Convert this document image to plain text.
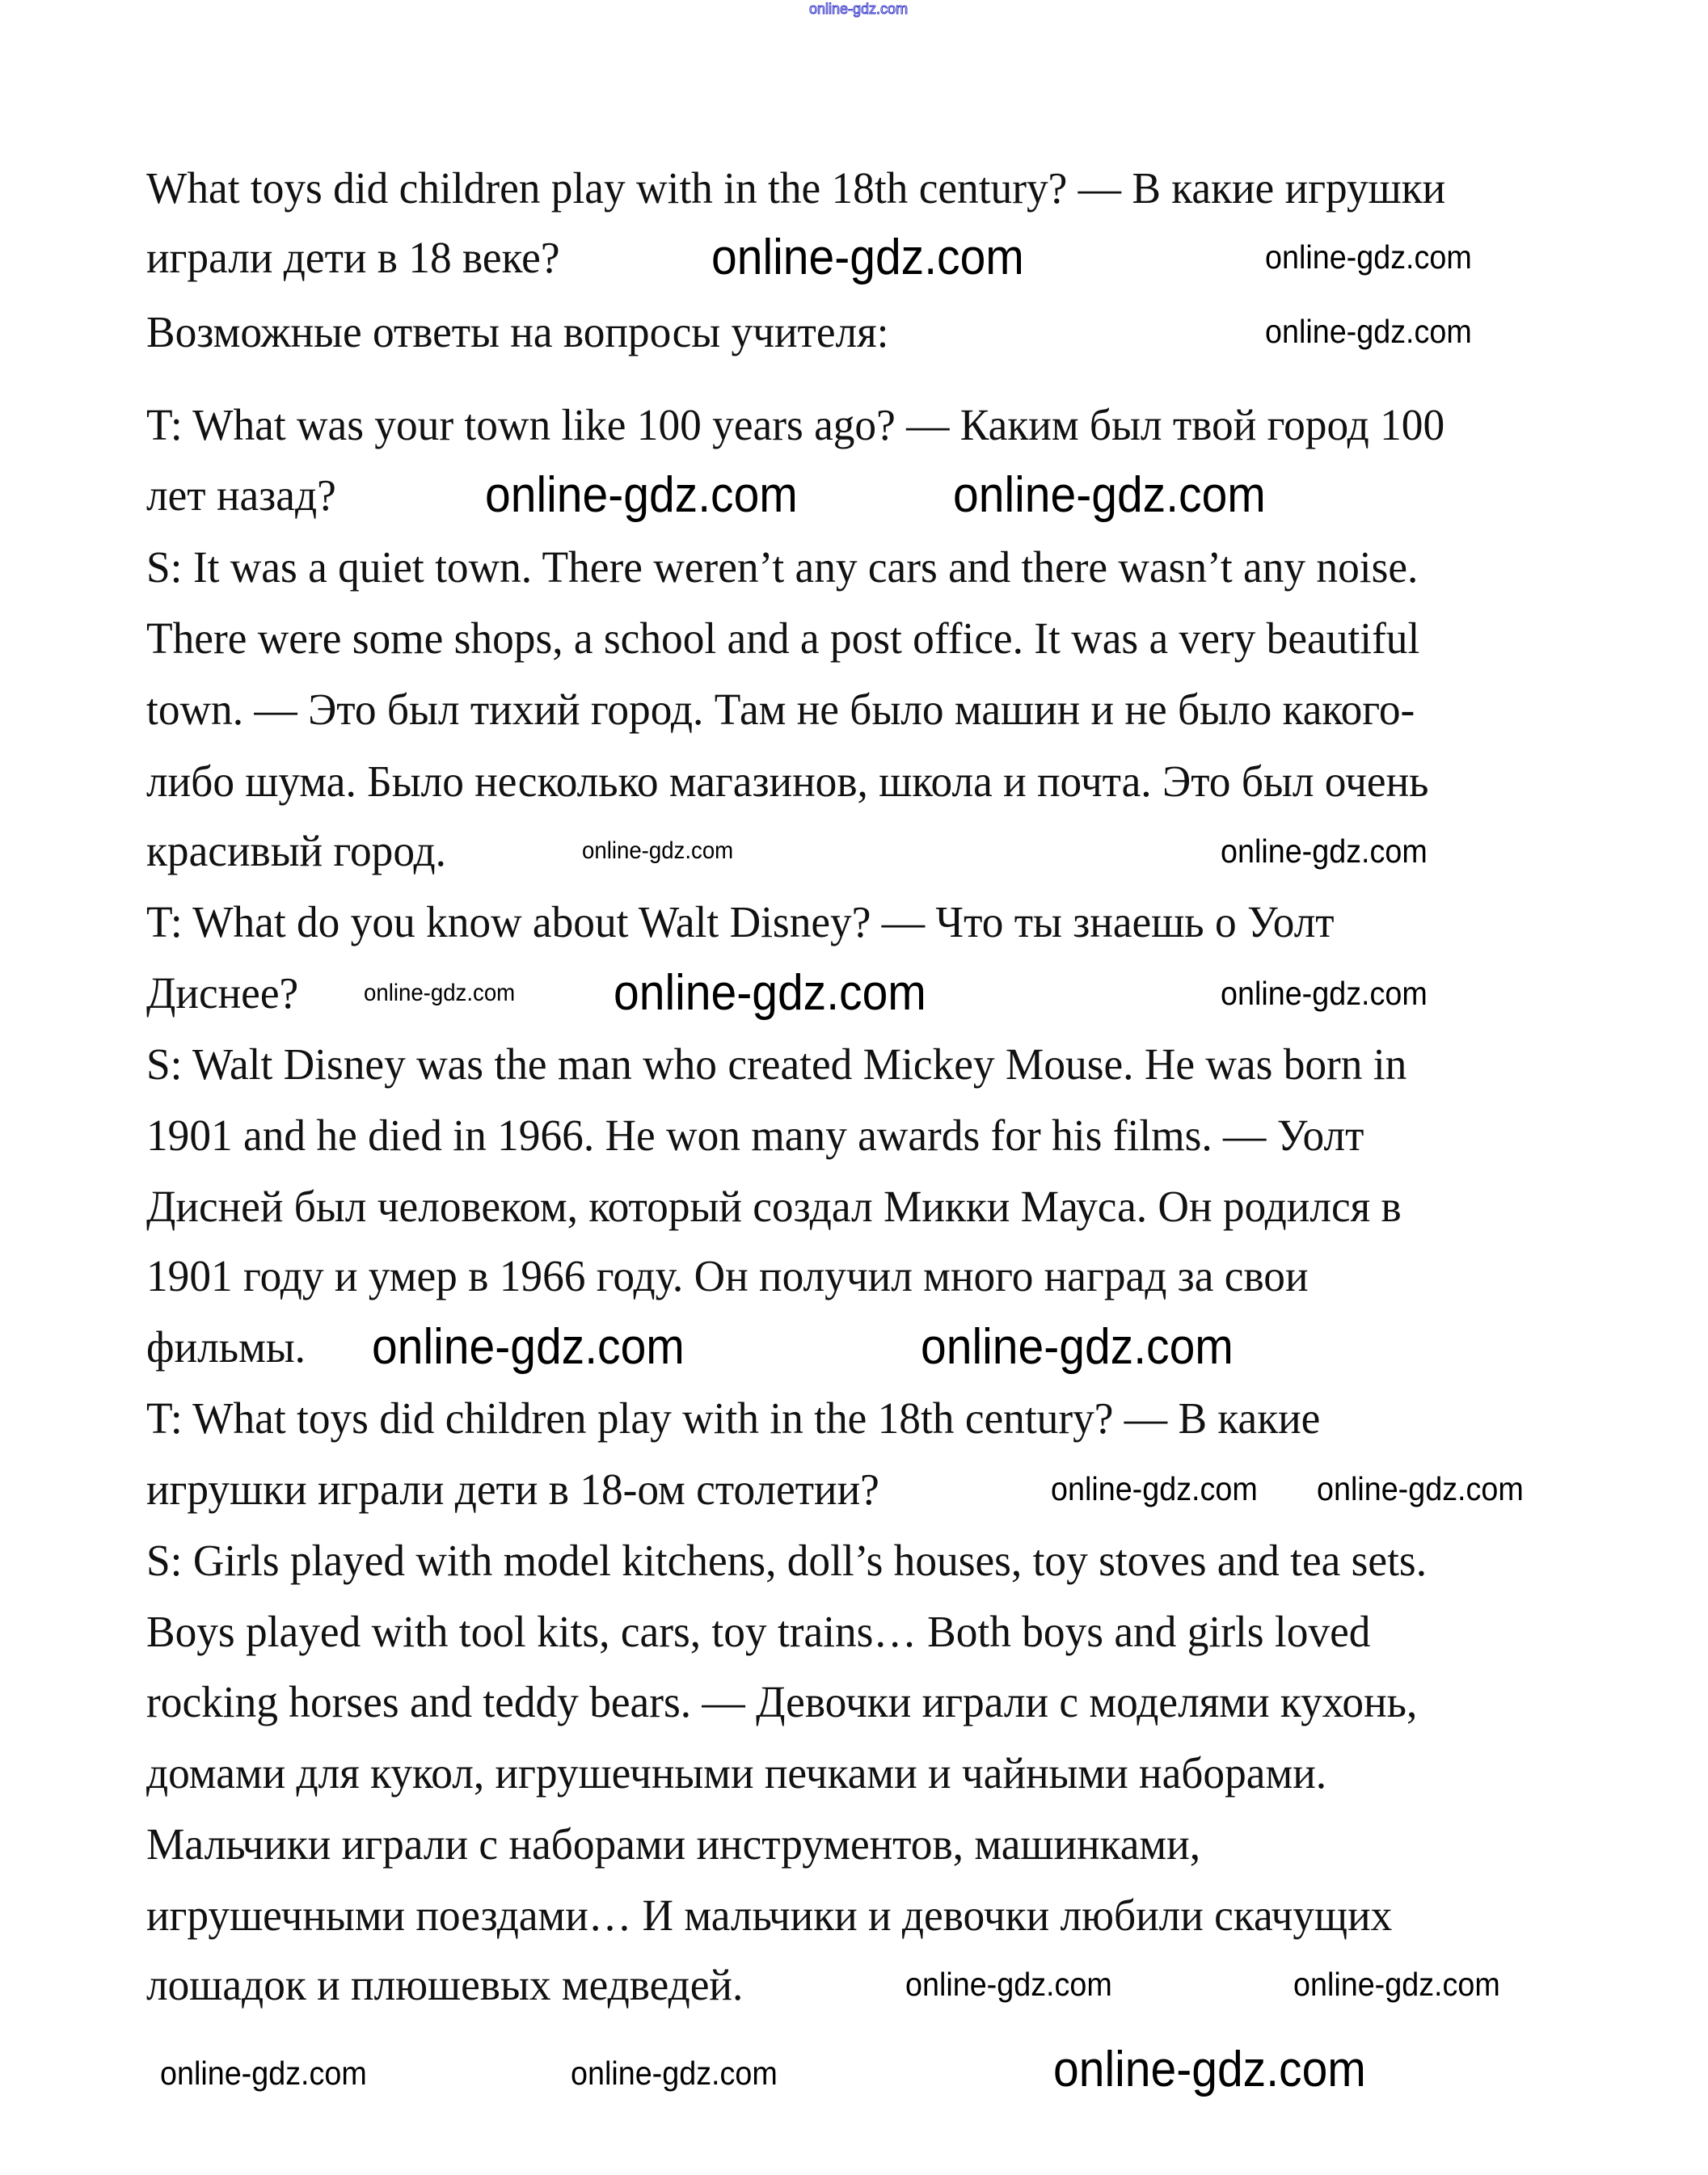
online-gdz.com
What toys did children play with in the 18th century? — В какие игрушки
играли дети в 18 веке?
Возможные ответы на вопросы учителя:
T: What was your town like 100 years ago? — Каким был твой город 100
лет назад?
S: It was a quiet town. There weren’t any cars and there wasn’t any noise.
There were some shops, a school and a post office. It was a very beautiful
town. — Это был тихий город. Там не было машин и не было какого-
либо шума. Было несколько магазинов, школа и почта. Это был очень
красивый город.
T: What do you know about Walt Disney? — Что ты знаешь о Уолт
Диснее?
S: Walt Disney was the man who created Mickey Mouse. He was born in
1901 and he died in 1966. He won many awards for his films. — Уолт
Дисней был человеком, который создал Микки Мауса. Он родился в
1901 году и умер в 1966 году. Он получил много наград за свои
фильмы.
T: What toys did children play with in the 18th century? — В какие
игрушки играли дети в 18-ом столетии?
S: Girls played with model kitchens, doll’s houses, toy stoves and tea sets.
Boys played with tool kits, cars, toy trains… Both boys and girls loved
rocking horses and teddy bears. — Девочки играли с моделями кухонь,
домами для кукол, игрушечными печками и чайными наборами.
Мальчики играли с наборами инструментов, машинками,
игрушечными поездами… И мальчики и девочки любили скачущих
лошадок и плюшевых медведей.
online-gdz.com	online-gdz.com
online-gdz.com
online-gdz.com	online-gdz.com
online-gdz.com	online-gdz.com
online-gdz.com online-gdz.com	online-gdz.com
online-gdz.com	online-gdz.com
online-gdz.com online-gdz.com
online-gdz.com
online-gdz.com	online-gdz.com	online-gdz.com
online-gdz.com
